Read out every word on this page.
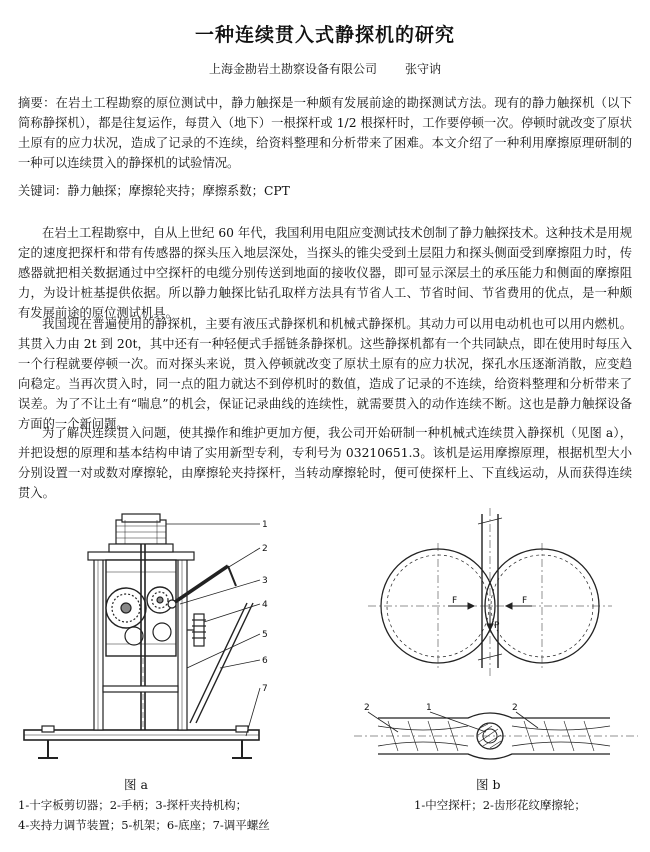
一种连续贯入式静探机的研究
上海金勘岩土勘察设备有限公司 张守讷

摘要：在岩土工程勘察的原位测试中，静力触探是一种颇有发展前途的勘探测试方法。现有的静力触探机（以下简称静探机），都是往复运作，每贯入（地下）一根探杆或 1/2 根探杆时，工作要停顿一次。停顿时就改变了原状土原有的应力状况，造成了记录的不连续，给资料整理和分析带来了困难。本文介绍了一种利用摩擦原理研制的一种可以连续贯入的静探机的试验情况。

关键词：静力触探；摩擦轮夹持；摩擦系数；CPT

在岩土工程勘察中，自从上世纪 60 年代，我国利用电阻应变测试技术创制了静力触探技术。这种技术是用规定的速度把探杆和带有传感器的探头压入地层深处，当探头的锥尖受到土层阻力和探头侧面受到摩擦阻力时，传感器就把相关数据通过中空探杆的电缆分别传送到地面的接收仪器，即可显示深层土的承压能力和侧面的摩擦阻力，为设计桩基提供依据。所以静力触探比钻孔取样方法具有节省人工、节省时间、节省费用的优点，是一种颇有发展前途的原位测试机具。

我国现在普遍使用的静探机，主要有液压式静探机和机械式静探机。其动力可以用电动机也可以用内燃机。其贯入力由 2t 到 20t，其中还有一种轻便式手摇链条静探机。这些静探机都有一个共同缺点，即在使用时每压入一个行程就要停顿一次。而对探头来说，贯入停顿就改变了原状土原有的应力状况，探孔水压逐渐消散，应变趋向稳定。当再次贯入时，同一点的阻力就达不到停机时的数值，造成了记录的不连续，给资料整理和分析带来了误差。为了不让土有“喘息”的机会，保证记录曲线的连续性，就需要贯入的动作连续不断。这也是静力触探设备方面的一个新问题。

为了解决连续贯入问题，使其操作和维护更加方便，我公司开始研制一种机械式连续贯入静探机（见图 a），并把设想的原理和基本结构申请了实用新型专利，专利号为 03210651.3。该机是运用摩擦原理，根据机型大小分别设置一对或数对摩擦轮，由摩擦轮夹持探杆，当转动摩擦轮时，便可使探杆上、下直线运动，从而获得连续贯入。

1
2
3
4
5
6
7
F	F
P
2	1	2
图 a	图 b
1-十字板剪切器；2-手柄；3-探杆夹持机构；
4-夹持力调节装置；5-机架；6-底座；7-调平螺丝
1-中空探杆；2-齿形花纹摩擦轮；
